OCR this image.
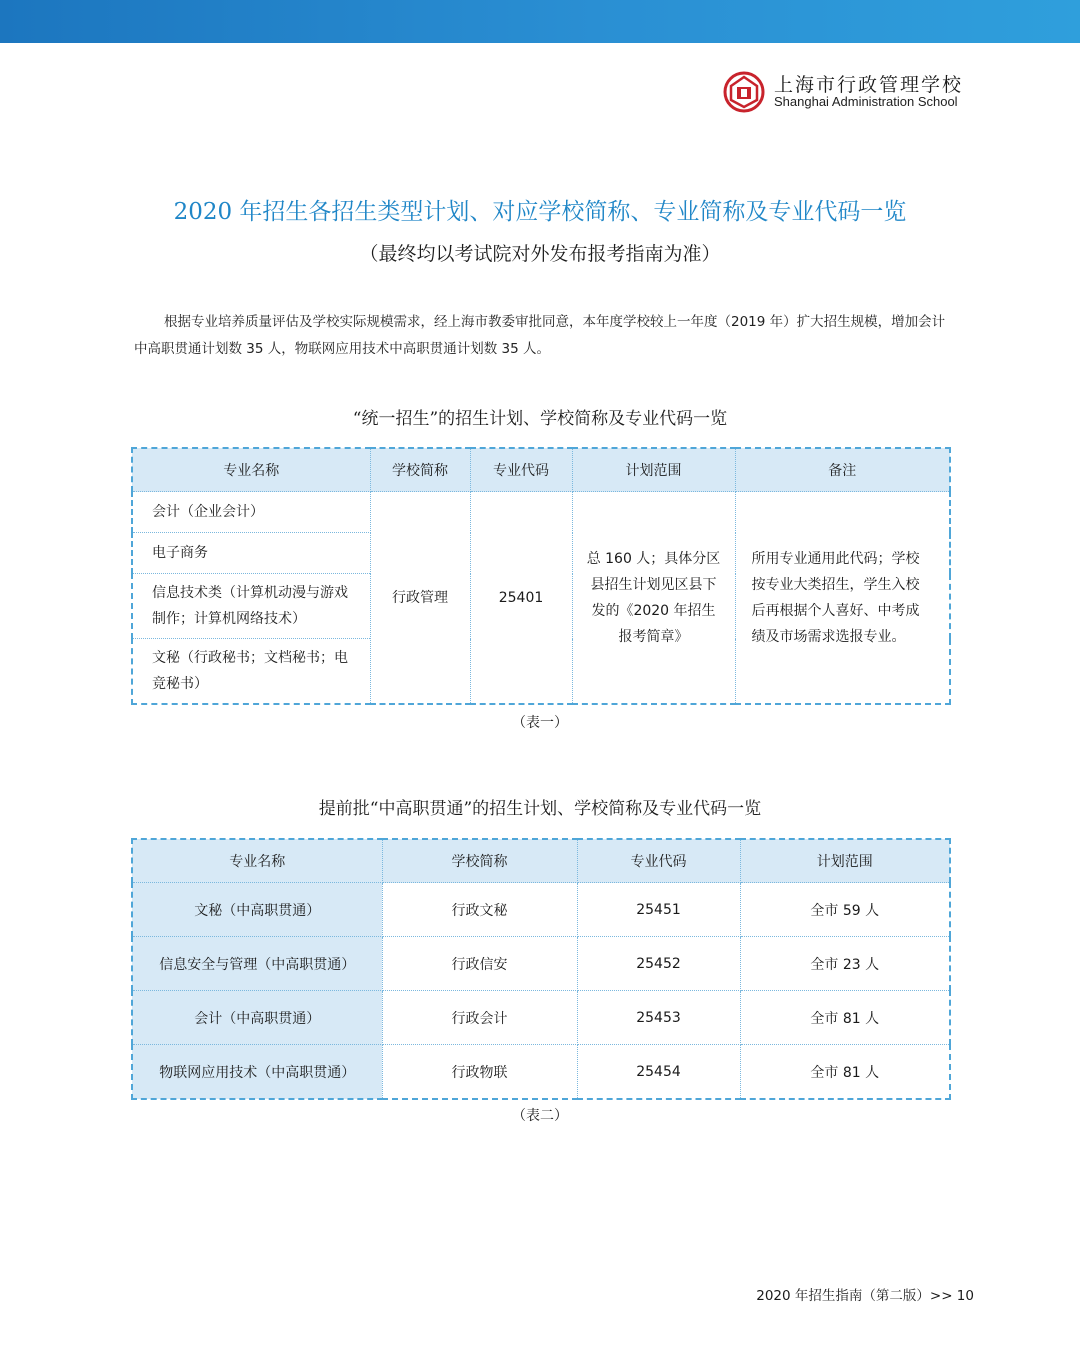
上海市行政管理学校
Shanghai Administration School
2020 年招生各招生类型计划、对应学校简称、专业简称及专业代码一览
（最终均以考试院对外发布报考指南为准）
根据专业培养质量评估及学校实际规模需求，经上海市教委审批同意，本年度学校较上一年度（2019 年）扩大招生规模，增加会计中高职贯通计划数 35 人，物联网应用技术中高职贯通计划数 35 人。
“统一招生”的招生计划、学校简称及专业代码一览
专业名称	学校简称	专业代码	计划范围	备注
会计（企业会计）	行政管理	25401	总 160 人；具体分区县招生计划见区县下发的《2020 年招生报考简章》	所用专业通用此代码；学校按专业大类招生，学生入校后再根据个人喜好、中考成绩及市场需求选报专业。
电子商务				
信息技术类（计算机动漫与游戏制作；计算机网络技术）				
文秘（行政秘书；文档秘书；电竞秘书）				
（表一）
提前批“中高职贯通”的招生计划、学校简称及专业代码一览
专业名称	学校简称	专业代码	计划范围
文秘（中高职贯通）	行政文秘	25451	全市 59 人
信息安全与管理（中高职贯通）	行政信安	25452	全市 23 人
会计（中高职贯通）	行政会计	25453	全市 81 人
物联网应用技术（中高职贯通）	行政物联	25454	全市 81 人
（表二）
2020 年招生指南（第二版）>> 10
